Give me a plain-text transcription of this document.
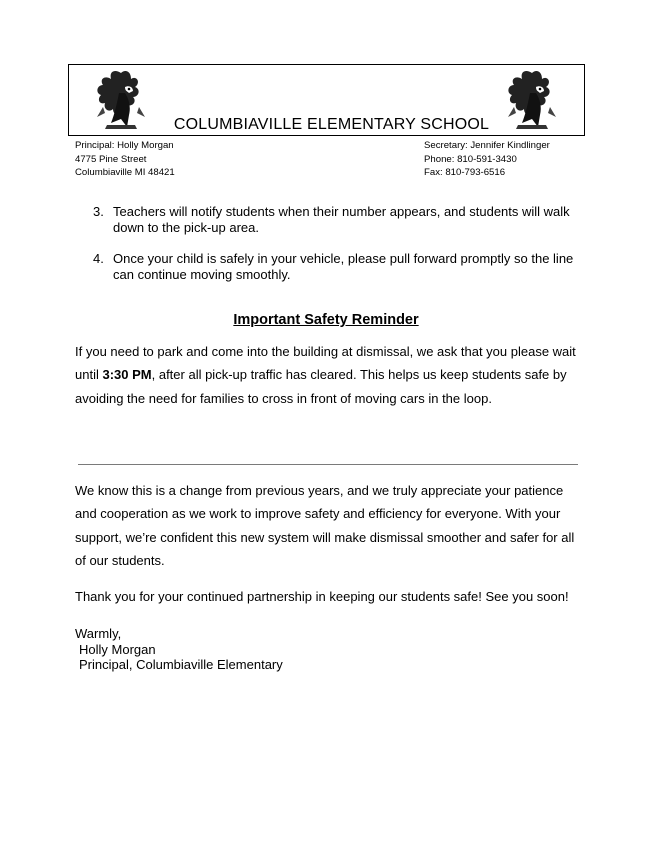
COLUMBIAVILLE ELEMENTARY SCHOOL
Principal: Holly Morgan
4775 Pine Street
Columbiaville MI 48421
Secretary: Jennifer Kindlinger
Phone: 810-591-3430
Fax: 810-793-6516
3. Teachers will notify students when their number appears, and students will walk down to the pick-up area.
4. Once your child is safely in your vehicle, please pull forward promptly so the line can continue moving smoothly.
Important Safety Reminder
If you need to park and come into the building at dismissal, we ask that you please wait until 3:30 PM, after all pick-up traffic has cleared. This helps us keep students safe by avoiding the need for families to cross in front of moving cars in the loop.
We know this is a change from previous years, and we truly appreciate your patience and cooperation as we work to improve safety and efficiency for everyone. With your support, we’re confident this new system will make dismissal smoother and safer for all of our students.
Thank you for your continued partnership in keeping our students safe! See you soon!
Warmly,
Holly Morgan
Principal, Columbiaville Elementary
